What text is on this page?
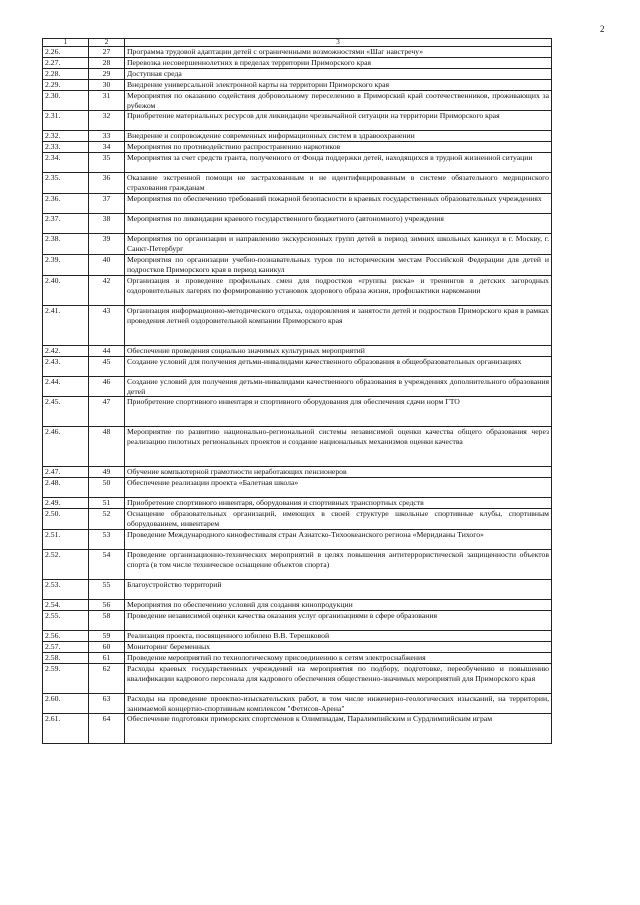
2
1	2	3
2.26.	27	Программа трудовой адаптации детей с ограниченными возможностями «Шаг навстречу»
2.27.	28	Перевозка несовершеннолетних в пределах территории Приморского края
2.28.	29	Доступная среда
2.29.	30	Внедрение универсальной электронной карты на территории Приморского края
2.30.	31	Мероприятия по оказанию содействия добровольному переселению в Приморский край соотечественников, проживающих за рубежом
2.31.	32	Приобретение материальных ресурсов для ликвидации чрезвычайной ситуации на территории Приморского края
2.32.	33	Внедрение и сопровождение современных информационных систем в здравоохранении
2.33.	34	Мероприятия по противодействию распространению наркотиков
2.34.	35	Мероприятия за счет средств гранта, полученного от Фонда поддержки детей, находящихся в трудной жизненной ситуации
2.35.	36	Оказание экстренной помощи не застрахованным и не идентифицированным в системе обязательного медицинского страхования гражданам
2.36.	37	Мероприятия по обеспечению требований пожарной безопасности в краевых государственных образовательных учреждениях
2.37.	38	Мероприятия по ликвидации краевого государственного бюджетного (автономного) учреждения
2.38.	39	Мероприятия по организации и направлению экскурсионных групп детей в период зимних школьных каникул в г. Москву, г. Санкт-Петербург
2.39.	40	Мероприятия по организации учебно-познавательных туров по историческим местам Российской Федерации для детей и подростков Приморского края в период каникул
2.40.	42	Организация и проведение профильных смен для подростков «группы риска» и тренингов в детских загородных оздоровительных лагерях по формированию установок здорового образа жизни, профилактики наркомании
2.41.	43	Организация информационно-методического отдыха, оздоровления и занятости детей и подростков Приморского края в рамках проведения летней оздоровительной компании Приморского края
2.42.	44	Обеспечение проведения социально значимых культурных мероприятий
2.43.	45	Создание условий для получения детьми-инвалидами качественного образования в общеобразовательных организациях
2.44.	46	Создание условий для получения детьми-инвалидами качественного образования в учреждениях дополнительного образования детей
2.45.	47	Приобретение спортивного инвентаря и спортивного оборудования для обеспечения сдачи норм ГТО
2.46.	48	Мероприятие по развитию национально-региональной системы независимой оценки качества общего образования через реализацию пилотных региональных проектов и создание национальных механизмов оценки качества
2.47.	49	Обучение компьютерной грамотности неработающих пенсионеров
2.48.	50	Обеспечение реализации проекта «Балетная школа»
2.49.	51	Приобретение спортивного инвентаря, оборудования и спортивных транспортных средств
2.50.	52	Оснащение образовательных организаций, имеющих в своей структуре школьные спортивные клубы, спортивным оборудованием, инвентарем
2.51.	53	Проведение Международного кинофестиваля стран Азиатско-Тихоокеанского региона «Меридианы Тихого»
2.52.	54	Проведение организационно-технических мероприятий в целях повышения антитеррористической защищенности объектов спорта (в том числе техническое оснащение объектов спорта)
2.53.	55	Благоустройство территорий
2.54.	56	Мероприятия по обеспечению условий для создания кинопродукции
2.55.	58	Проведение независимой оценки качества оказания услуг организациями в сфере образования
2.56.	59	Реализация проекта, посвященного юбилею В.В. Терешковой
2.57.	60	Мониторинг беременных
2.58.	61	Проведение мероприятий по технологическому присоединению к сетям электроснабжения
2.59.	62	Расходы краевых государственных учреждений на мероприятия по подбору, подготовке, переобучению и повышению квалификации кадрового персонала для кадрового обеспечения общественно-значимых мероприятий для Приморского края
2.60.	63	Расходы на проведение проектно-изыскательских работ, в том числе инженерно-геологических изысканий, на территории, занимаемой концертно-спортивным комплексом "Фетисов-Арена"
2.61.	64	Обеспечение подготовки приморских спортсменов к Олимпиадам, Паралимпийским и Сурдлимпийским играм
